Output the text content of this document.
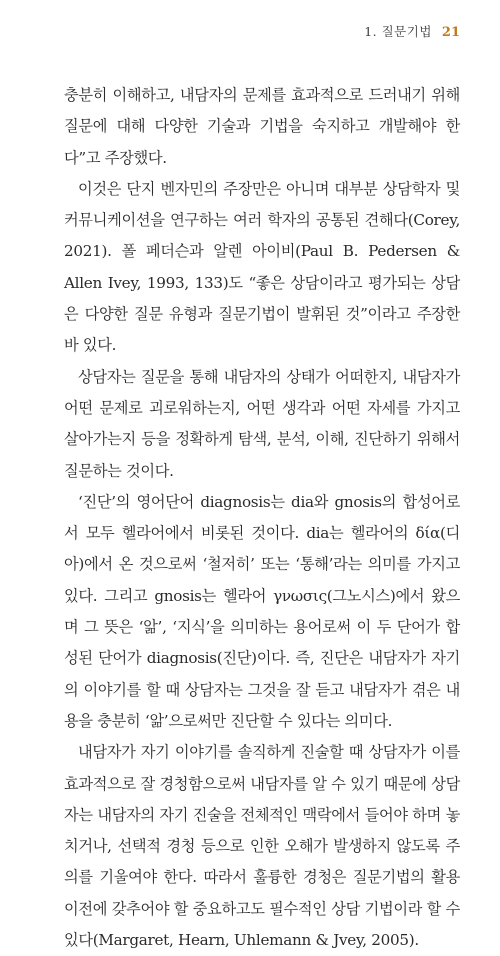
1. 질문기법 21

충분히 이해하고, 내담자의 문제를 효과적으로 드러내기 위해 질문에 대해 다양한 기술과 기법을 숙지하고 개발해야 한다”고 주장했다.

이것은 단지 벤자민의 주장만은 아니며 대부분 상담학자 및 커뮤니케이션을 연구하는 여러 학자의 공통된 견해다(Corey, 2021). 폴 페더슨과 알렌 아이비(Paul B. Pedersen & Allen Ivey, 1993, 133)도 “좋은 상담이라고 평가되는 상담은 다양한 질문 유형과 질문기법이 발휘된 것”이라고 주장한 바 있다.

상담자는 질문을 통해 내담자의 상태가 어떠한지, 내담자가 어떤 문제로 괴로워하는지, 어떤 생각과 어떤 자세를 가지고 살아가는지 등을 정확하게 탐색, 분석, 이해, 진단하기 위해서 질문하는 것이다.

‘진단’의 영어단어 diagnosis는 dia와 gnosis의 합성어로서 모두 헬라어에서 비롯된 것이다. dia는 헬라어의 δία(디아)에서 온 것으로써 ‘철저히’ 또는 ‘통해’라는 의미를 가지고 있다. 그리고 gnosis는 헬라어 γνωσις(그노시스)에서 왔으며 그 뜻은 ‘앎’, ‘지식’을 의미하는 용어로써 이 두 단어가 합성된 단어가 diagnosis(진단)이다. 즉, 진단은 내담자가 자기의 이야기를 할 때 상담자는 그것을 잘 듣고 내담자가 겪은 내용을 충분히 ‘앎’으로써만 진단할 수 있다는 의미다.

내담자가 자기 이야기를 솔직하게 진술할 때 상담자가 이를 효과적으로 잘 경청함으로써 내담자를 알 수 있기 때문에 상담자는 내담자의 자기 진술을 전체적인 맥락에서 들어야 하며 놓치거나, 선택적 경청 등으로 인한 오해가 발생하지 않도록 주의를 기울여야 한다. 따라서 훌륭한 경청은 질문기법의 활용 이전에 갖추어야 할 중요하고도 필수적인 상담 기법이라 할 수 있다(Margaret, Hearn, Uhlemann & Jvey, 2005).
